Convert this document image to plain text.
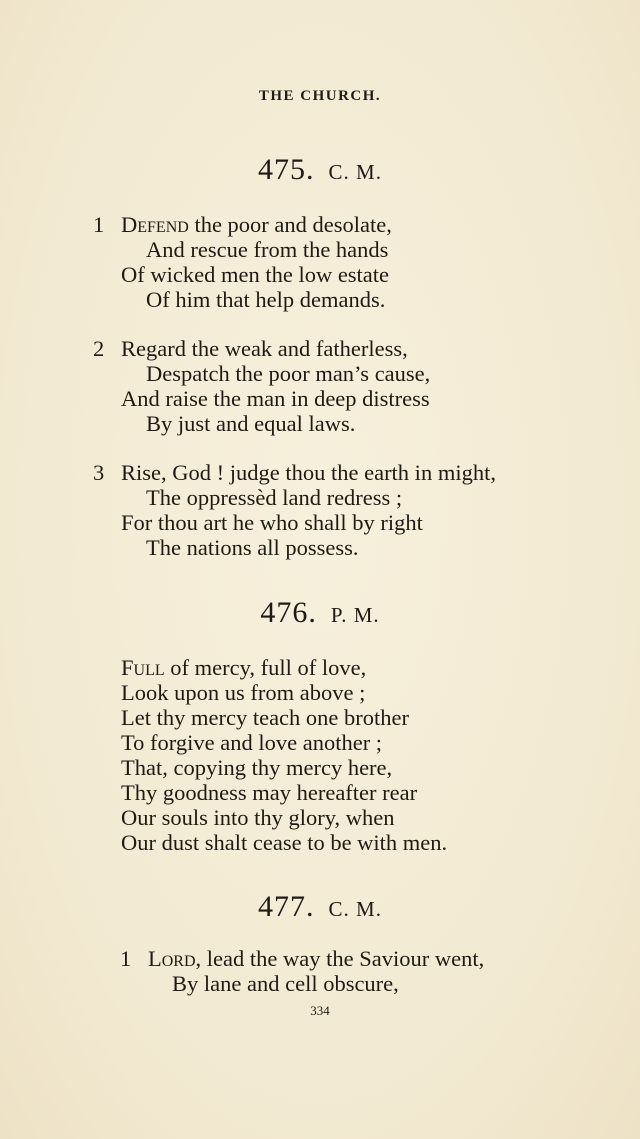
THE CHURCH.
475. C. M.
1 Defend the poor and desolate,
And rescue from the hands
Of wicked men the low estate
Of him that help demands.
2 Regard the weak and fatherless,
Despatch the poor man’s cause,
And raise the man in deep distress
By just and equal laws.
3 Rise, God ! judge thou the earth in might,
The oppressèd land redress ;
For thou art he who shall by right
The nations all possess.
476. P. M.
Full of mercy, full of love,
Look upon us from above ;
Let thy mercy teach one brother
To forgive and love another ;
That, copying thy mercy here,
Thy goodness may hereafter rear
Our souls into thy glory, when
Our dust shalt cease to be with men.
477. C. M.
1 Lord, lead the way the Saviour went,
By lane and cell obscure,
334
